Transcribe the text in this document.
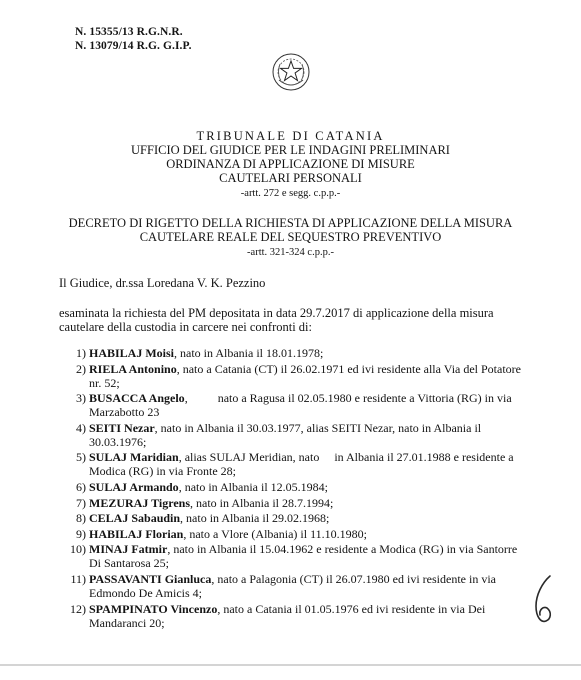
N. 15355/13 R.G.N.R.
N. 13079/14 R.G. G.I.P.
TRIBUNALE DI CATANIA
UFFICIO DEL GIUDICE PER LE INDAGINI PRELIMINARI
ORDINANZA DI APPLICAZIONE DI MISURE
CAUTELARI PERSONALI
-artt. 272 e segg. c.p.p.-
DECRETO DI RIGETTO DELLA RICHIESTA DI APPLICAZIONE DELLA MISURA
CAUTELARE REALE DEL SEQUESTRO PREVENTIVO
-artt. 321-324 c.p.p.-
Il Giudice, dr.ssa Loredana V. K. Pezzino
esaminata la richiesta del PM depositata in data 29.7.2017 di applicazione della misura
cautelare della custodia in carcere nei confronti di:
1) HABILAJ Moisi, nato in Albania il 18.01.1978;
2) RIELA Antonino, nato a Catania (CT) il 26.02.1971 ed ivi residente alla Via del Potatore nr. 52;
3) BUSACCA Angelo,          nato a Ragusa il 02.05.1980 e residente a Vittoria (RG) in via Marzabotto 23
4) SEITI Nezar, nato in Albania il 30.03.1977, alias SEITI Nezar, nato in Albania il 30.03.1976;
5) SULAJ Maridian, alias SULAJ Meridian, nato     in Albania il 27.01.1988 e residente a Modica (RG) in via Fronte 28;
6) SULAJ Armando, nato in Albania il 12.05.1984;
7) MEZURAJ Tigrens, nato in Albania il 28.7.1994;
8) CELAJ Sabaudin, nato in Albania il 29.02.1968;
9) HABILAJ Florian, nato a Vlore (Albania) il 11.10.1980;
10) MINAJ Fatmir, nato in Albania il 15.04.1962 e residente a Modica (RG) in via Santorre Di Santarosa 25;
11) PASSAVANTI Gianluca, nato a Palagonia (CT) il 26.07.1980 ed ivi residente in via Edmondo De Amicis 4;
12) SPAMPINATO Vincenzo, nato a Catania il 01.05.1976 ed ivi residente in via Dei Mandaranci 20;
